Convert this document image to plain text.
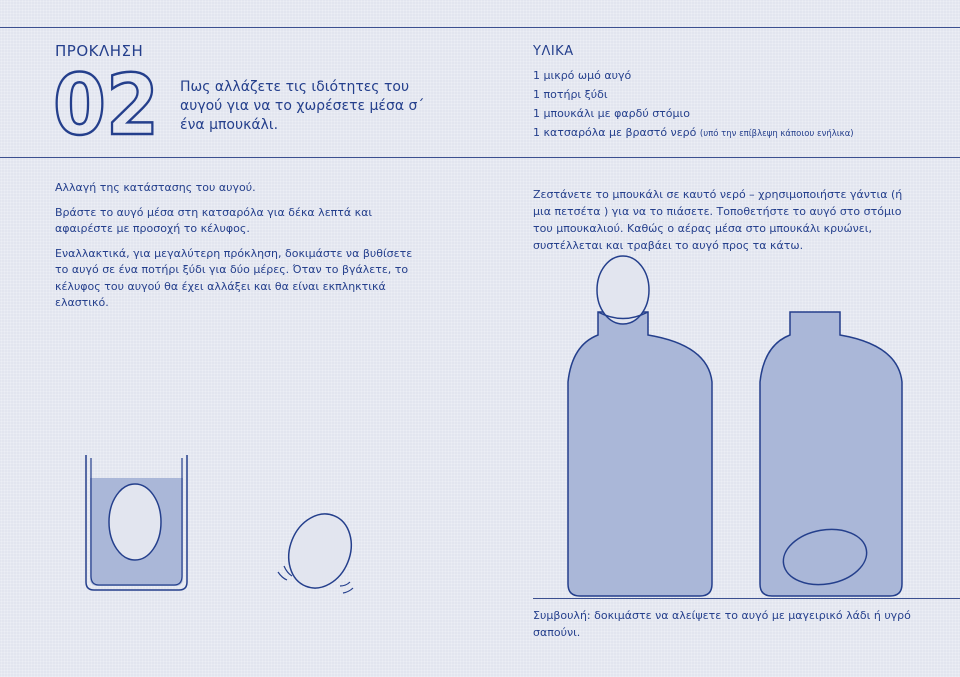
ΠΡΟΚΛΗΣΗ
02 Πως αλλάζετε τις ιδιότητες του αυγού για να το χωρέσετε μέσα σ΄ ένα μπουκάλι.
ΥΛΙΚΑ
1 μικρό ωμό αυγό
1 ποτήρι ξύδι
1 μπουκάλι με φαρδύ στόμιο
1 κατσαρόλα με βραστό νερό (υπό την επίβλεψη κάποιου ενήλικα)

Αλλαγή της κατάστασης του αυγού.

Βράστε το αυγό μέσα στη κατσαρόλα για δέκα λεπτά και αφαιρέστε με προσοχή το κέλυφος.

Εναλλακτικά, για μεγαλύτερη πρόκληση, δοκιμάστε να βυθίσετε το αυγό σε ένα ποτήρι ξύδι για δύο μέρες. Όταν το βγάλετε, το κέλυφος του αυγού θα έχει αλλάξει και θα είναι εκπληκτικά ελαστικό.

Ζεστάνετε το μπουκάλι σε καυτό νερό – χρησιμοποιήστε γάντια (ή μια πετσέτα ) για να το πιάσετε. Τοποθετήστε το αυγό στο στόμιο του μπουκαλιού. Καθώς ο αέρας μέσα στο μπουκάλι κρυώνει, συστέλλεται και τραβάει το αυγό προς τα κάτω.
Συμβουλή: δοκιμάστε να αλείψετε το αυγό με μαγειρικό λάδι ή υγρό σαπούνι.
